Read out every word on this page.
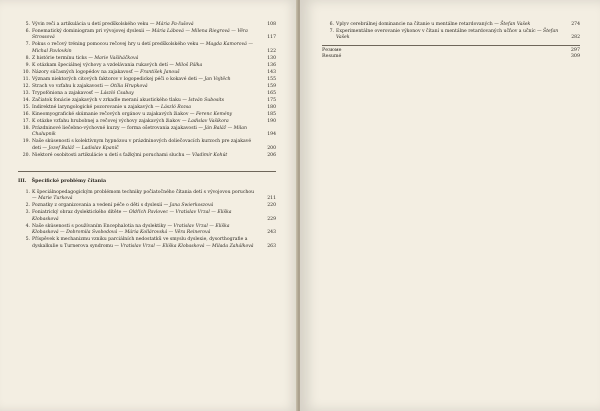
5. Vývin reči a artikulácia u detí predškolského veku — Mária Pa-ľušová	108
6. Fonematický dominiogram pri vývojovej dyslexii — Mária Lábová — Milena Riegrová — Věra Strossová	117
7. Pokus o rečový tréning pomocou rečovej hry u detí predškolského veku — Magda Kamorová — Michal Pavlovkin	122
8. Z histórie termínu ticks — Marie Vašiháčková	130
9. K otázkam špeciálnej výchovy a vzdelávania rukavých detí — Miloš Pálka	136
10. Názory súčasných logopédov na zajakavosť — František Janouš	143
11. Význam niektorých citových faktorov v logopedickej péči o kokavé deti — Jan Vojtěch	155
12. Strach vo vzťahu k zajakavosti — Otília Hrupková	159
13. Trypofóniona a zajakavosť — László Csabay	165
14. Začiatok fonácie zajakavých v zrkadle meraní akustického tlaku — István Subosits	175
15. Indirektné laryngologické pozorovanie u zajakavých — László Rozsa	180
16. Kineomyografické skúmanie rečových orgánov u zajakavých žiakov — Ferenc Kemény	185
17. K otázke vzťahu hrubobnej a rečovej výchovy zajakavých žiakov — Ladislav Vašíkora	190
18. Prázdninové liečebno-výchovné kurzy — forma ošetrovania zajakavosti — Ján Baláž — Milan Chalupník	194
19. Naše skúsenosti s kolektívnym hypnózou v prázdninových doliečovacích kurzoch pre zajakavé deti — Jozef Baláž — Ladislav Kpaníč	200
20. Niektoré osobitosti artikulácie u detí s ťažkými poruchami sluchu — Vladimír Kohút	206
III. Špecifické problémy čítania
1. K špeciálnopedagogickým problémom techniky počiatočného čítania detí s vývojovou poruchou — Marie Turková	211
2. Poznatky z organizovania a vedení péče o děti s dyslexií — Jana Swierkoszová	220
3. Foniatrický obraz dyslektického dítěte — Oldřich Pavlovec — Vratislav Vrzal — Eliška Klobasková	229
4. Naše skúsenosti s používaním Encephalotia na dyslektiky — Vratislav Vrzal — Eliška Klobasková — Dobromila Svobodová — Mária Kollárovská — Věra Reinerová	243
5. Příspěvek k mechanizmu vzniku parciálních nedostatků ve smyslu dyslexie, dysorthografie a dyskalkulie u Turnerova syndromu — Vratislav Vrzal — Eliška Klobasková — Milada Zahálková	263
6. Vplyv cerebrálnej dominancie na čítanie u mentálne retardovaných — Štefan Vašek	274
7. Experimentálne overovanie výkonov v čítaní u mentálne retardovaných učňov a učníc — Štefan Vašek	282
Резюме	297
Resumé	309
